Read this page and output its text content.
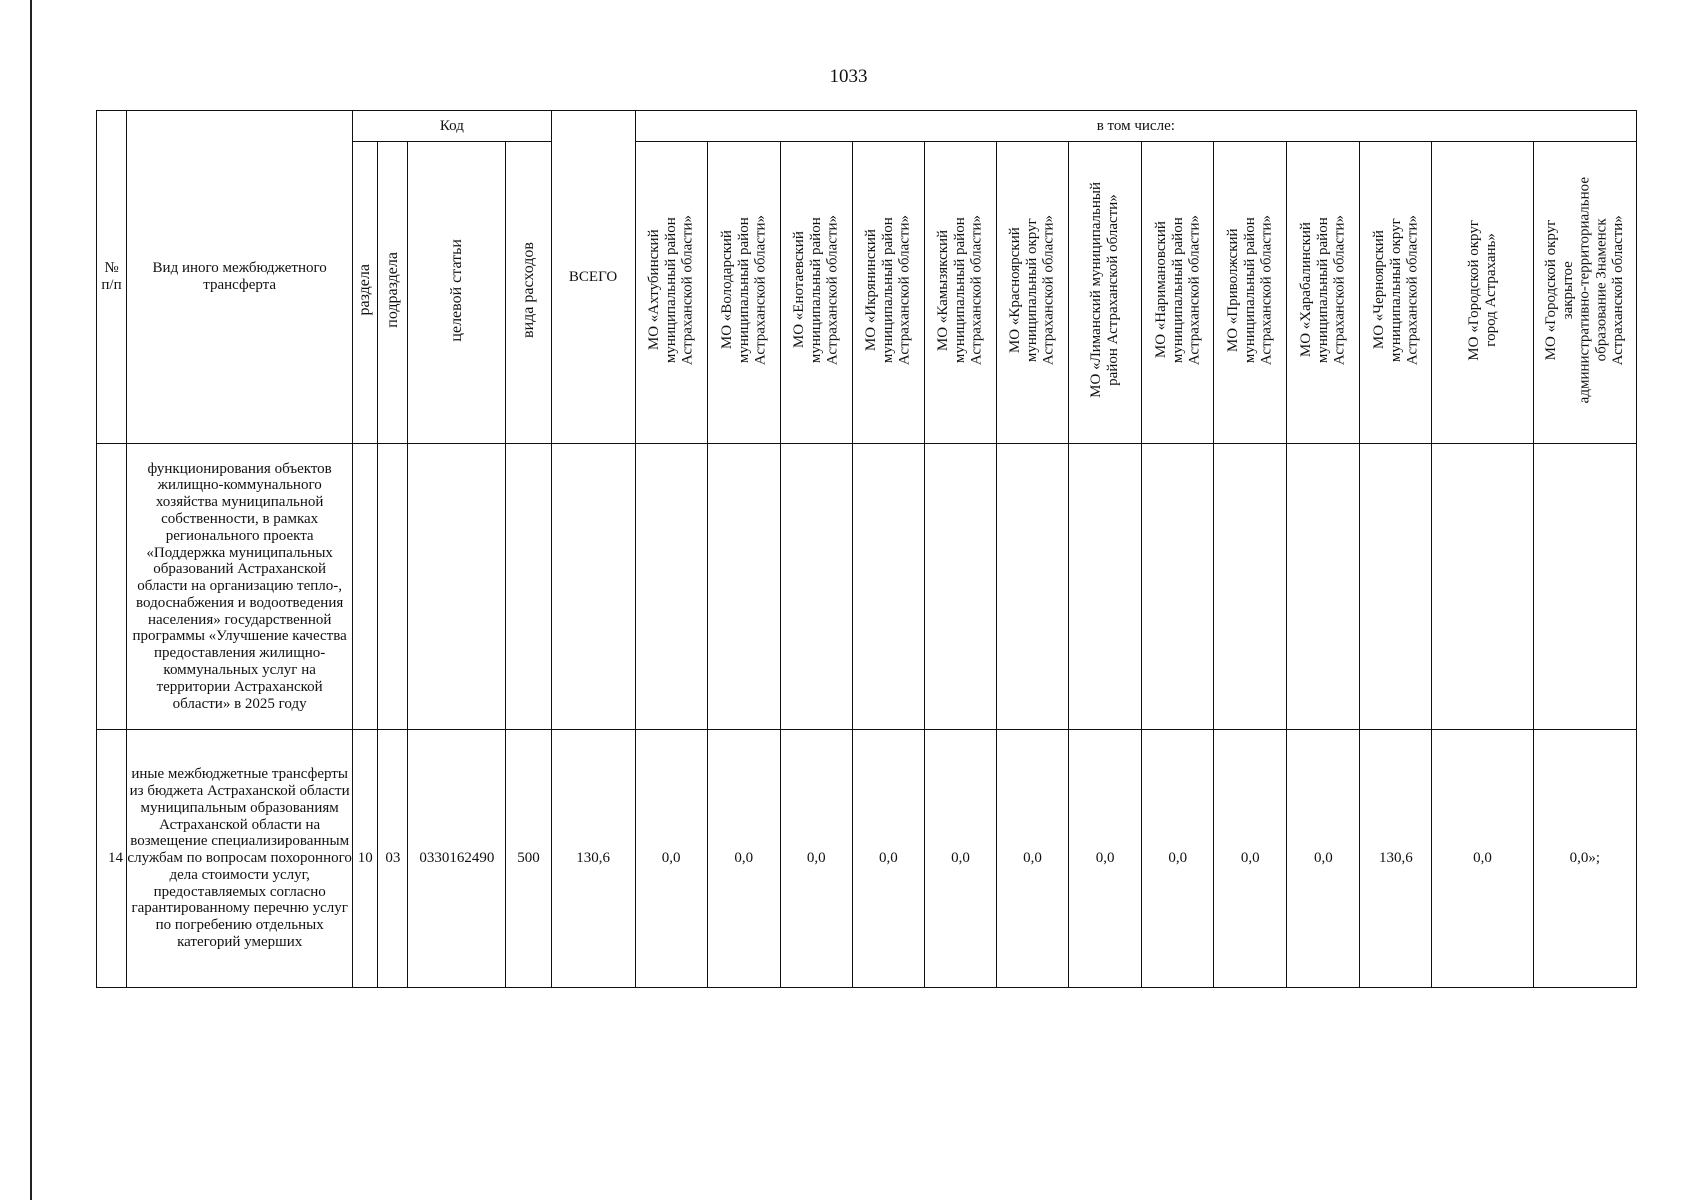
1033
№ п/п	Вид иного межбюджетного трансферта	Код				ВСЕГО	в том числе:												
		раздела	подраздела	целевой статьи	вида расходов		МО «Ахтубинский
муниципальный район
Астраханской области»	МО «Володарский
муниципальный район
Астраханской области»	МО «Енотаевский
муниципальный район
Астраханской области»	МО «Икрянинский
муниципальный район
Астраханской области»	МО «Камызякский
муниципальный район
Астраханской области»	МО «Красноярский
муниципальный округ
Астраханской области»	МО «Лиманский муниципальный
район Астраханской области»	МО «Наримановский
муниципальный район
Астраханской области»	МО «Приволжский
муниципальный район
Астраханской области»	МО «Харабалинский
муниципальный район
Астраханской области»	МО «Черноярский
муниципальный округ
Астраханской области»	МО «Городской округ
город Астрахань»	МО «Городской округ
закрытое
административно-территориальное
образование Знаменск
Астраханской области»
	функционирования объектов жилищно-коммунального хозяйства муниципальной собственности, в рамках регионального проекта «Поддержка муниципальных образований Астраханской области на организацию тепло-, водоснабжения и водоотведения населения» государственной программы «Улучшение качества предоставления жилищно-коммунальных услуг на территории Астраханской области» в 2025 году																		
14	иные межбюджетные трансферты из бюджета Астраханской области муниципальным образованиям Астраханской области на возмещение специализированным службам по вопросам похоронного дела стоимости услуг, предоставляемых согласно гарантированному перечню услуг по погребению отдельных категорий умерших	10	03	0330162490	500	130,6	0,0	0,0	0,0	0,0	0,0	0,0	0,0	0,0	0,0	0,0	130,6	0,0	0,0»;
